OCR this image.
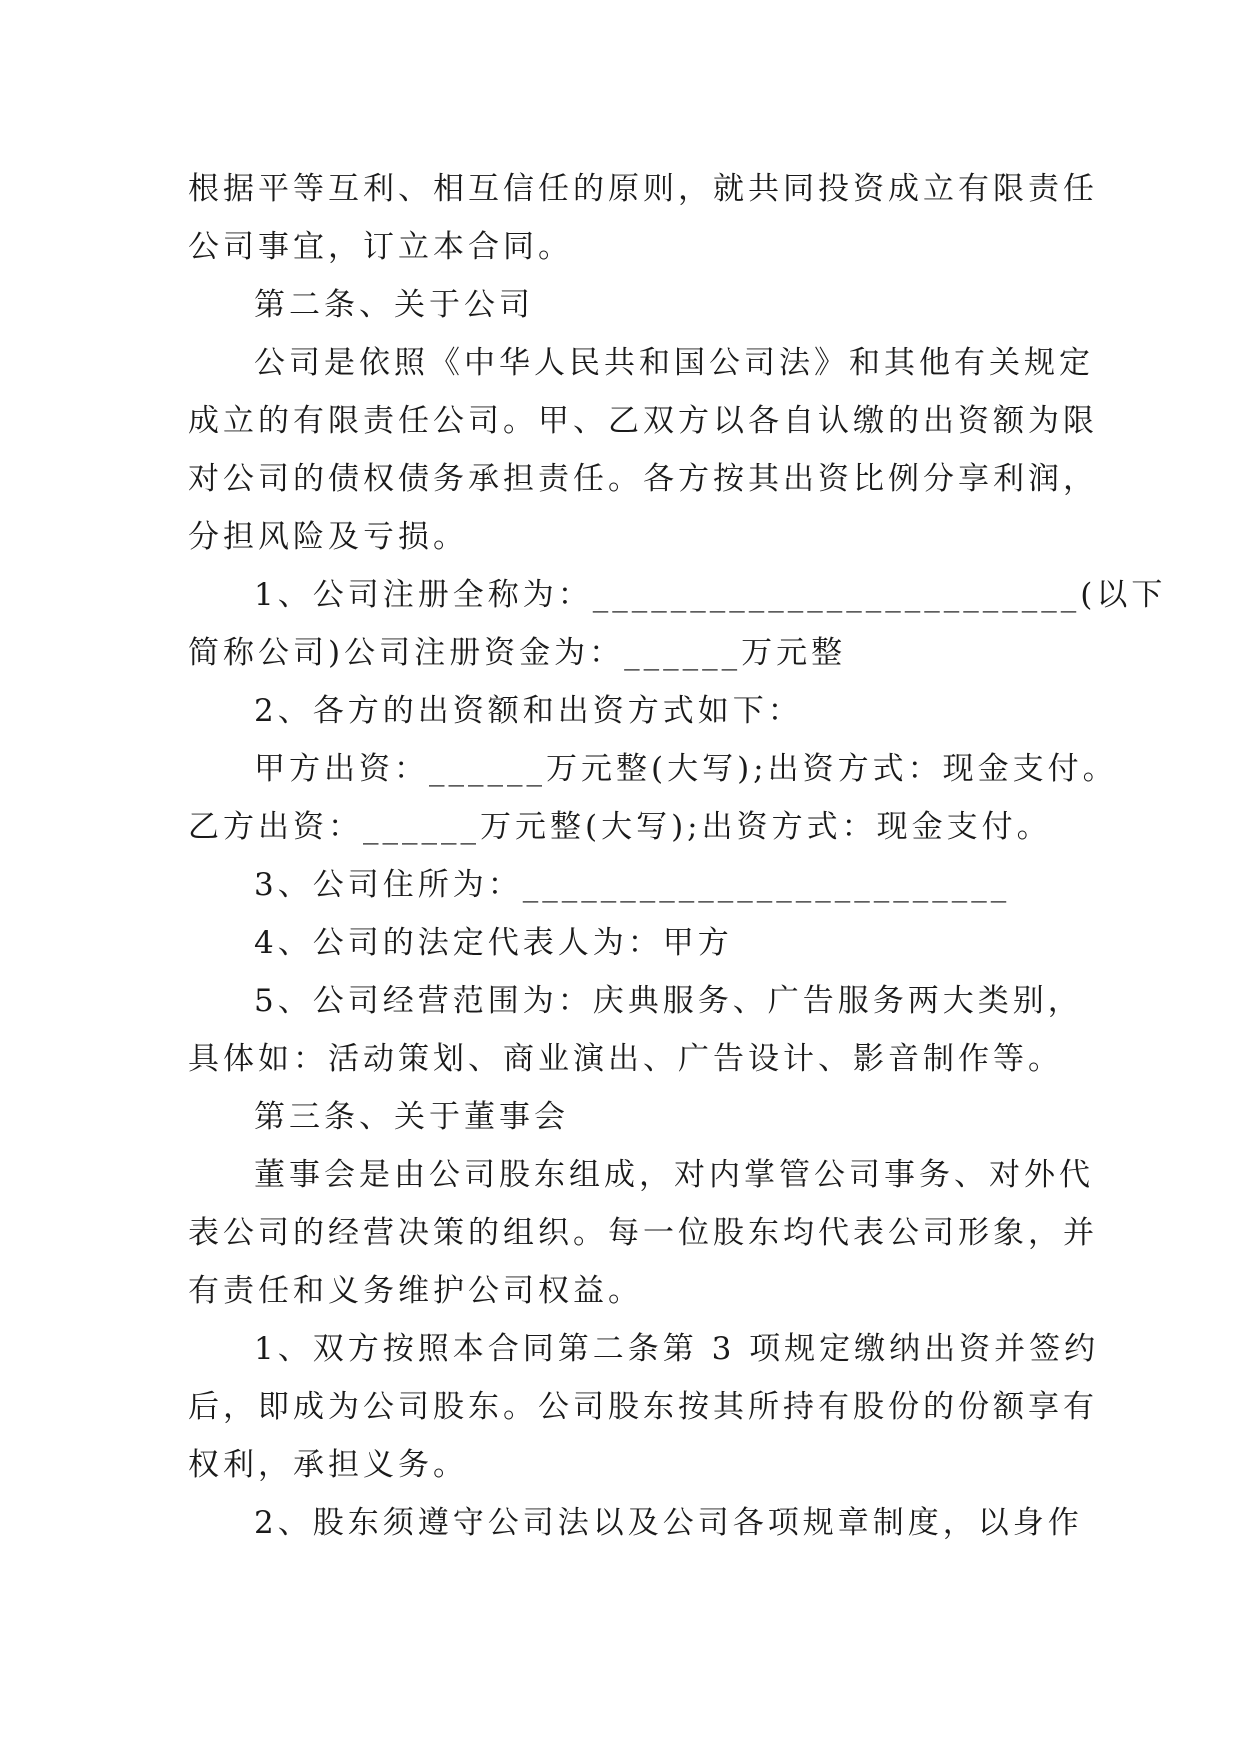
根据平等互利、相互信任的原则，就共同投资成立有限责任
公司事宜，订立本合同。
第二条、关于公司
公司是依照《中华人民共和国公司法》和其他有关规定
成立的有限责任公司。甲、乙双方以各自认缴的出资额为限
对公司的债权债务承担责任。各方按其出资比例分享利润，
分担风险及亏损。
1、公司注册全称为：_________________________(以下
简称公司)公司注册资金为：______万元整
2、各方的出资额和出资方式如下：
甲方出资：______万元整(大写);出资方式：现金支付。
乙方出资：______万元整(大写);出资方式：现金支付。
3、公司住所为：_________________________
4、公司的法定代表人为：甲方
5、公司经营范围为：庆典服务、广告服务两大类别，
具体如：活动策划、商业演出、广告设计、影音制作等。
第三条、关于董事会
董事会是由公司股东组成，对内掌管公司事务、对外代
表公司的经营决策的组织。每一位股东均代表公司形象，并
有责任和义务维护公司权益。
1、双方按照本合同第二条第 3 项规定缴纳出资并签约
后，即成为公司股东。公司股东按其所持有股份的份额享有
权利，承担义务。
2、股东须遵守公司法以及公司各项规章制度，以身作
